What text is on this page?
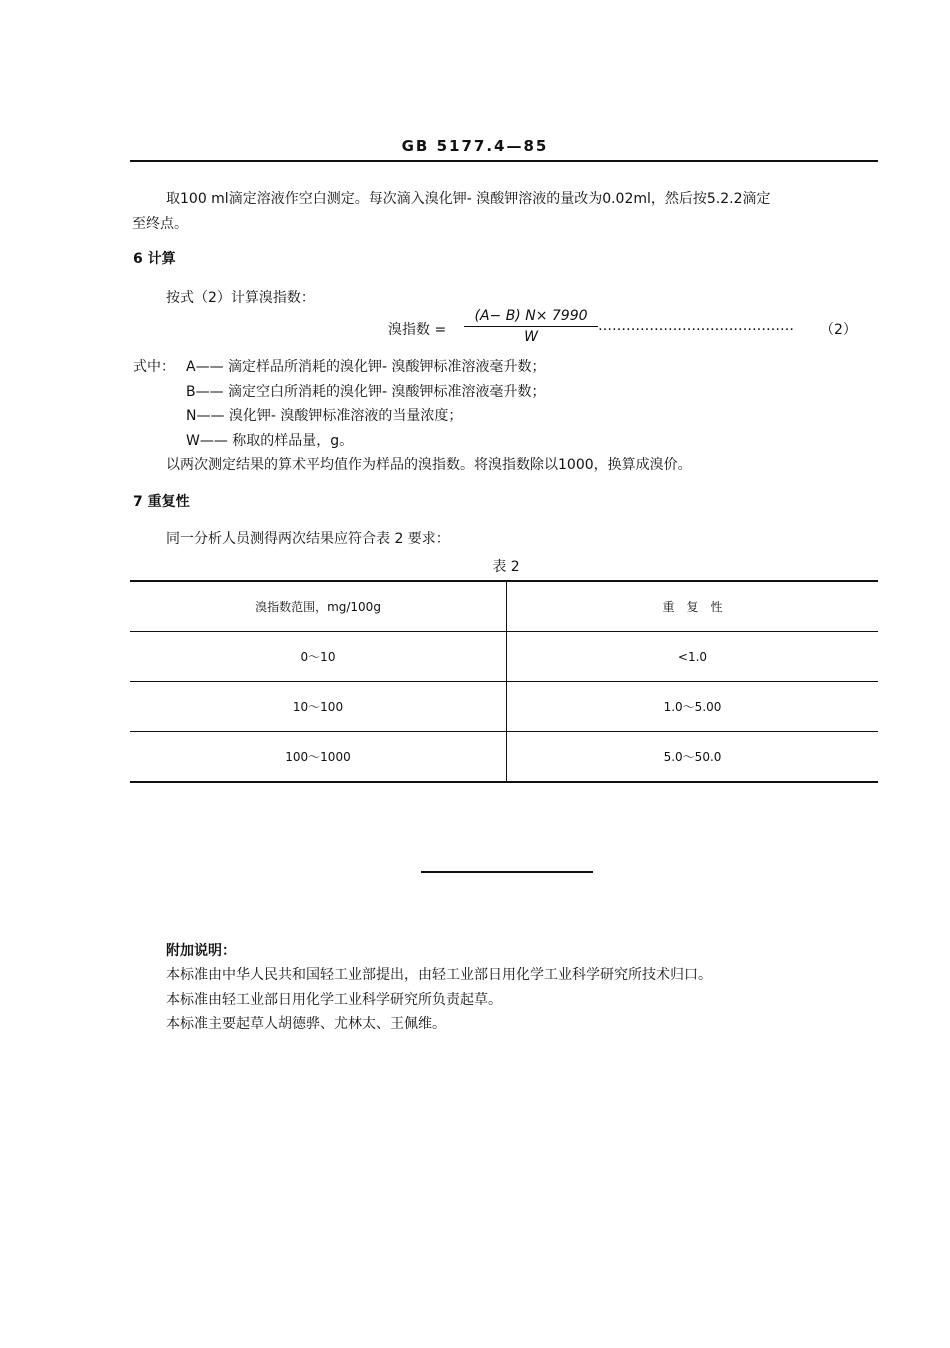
GB 5177.4—85
取100 ml滴定溶液作空白测定。每次滴入溴化钾- 溴酸钾溶液的量改为0.02ml，然后按5.2.2滴定
至终点。
6 计算
按式（2）计算溴指数：
溴指数 =
(A− B) N× 7990
W
……………………………………	（2）
式中： A—— 滴定样品所消耗的溴化钾- 溴酸钾标准溶液毫升数；
B—— 滴定空白所消耗的溴化钾- 溴酸钾标准溶液毫升数；
N—— 溴化钾- 溴酸钾标准溶液的当量浓度；
W—— 称取的样品量，g。
以两次测定结果的算术平均值作为样品的溴指数。将溴指数除以1000，换算成溴价。
7 重复性
同一分析人员测得两次结果应符合表 2 要求：
表 2
溴指数范围，mg/100g	重　复　性
0～10	<1.0
10～100	1.0～5.00
100～1000	5.0～50.0
附加说明：
本标准由中华人民共和国轻工业部提出，由轻工业部日用化学工业科学研究所技术归口。
本标准由轻工业部日用化学工业科学研究所负责起草。
本标准主要起草人胡德骅、尤林太、王佩维。
